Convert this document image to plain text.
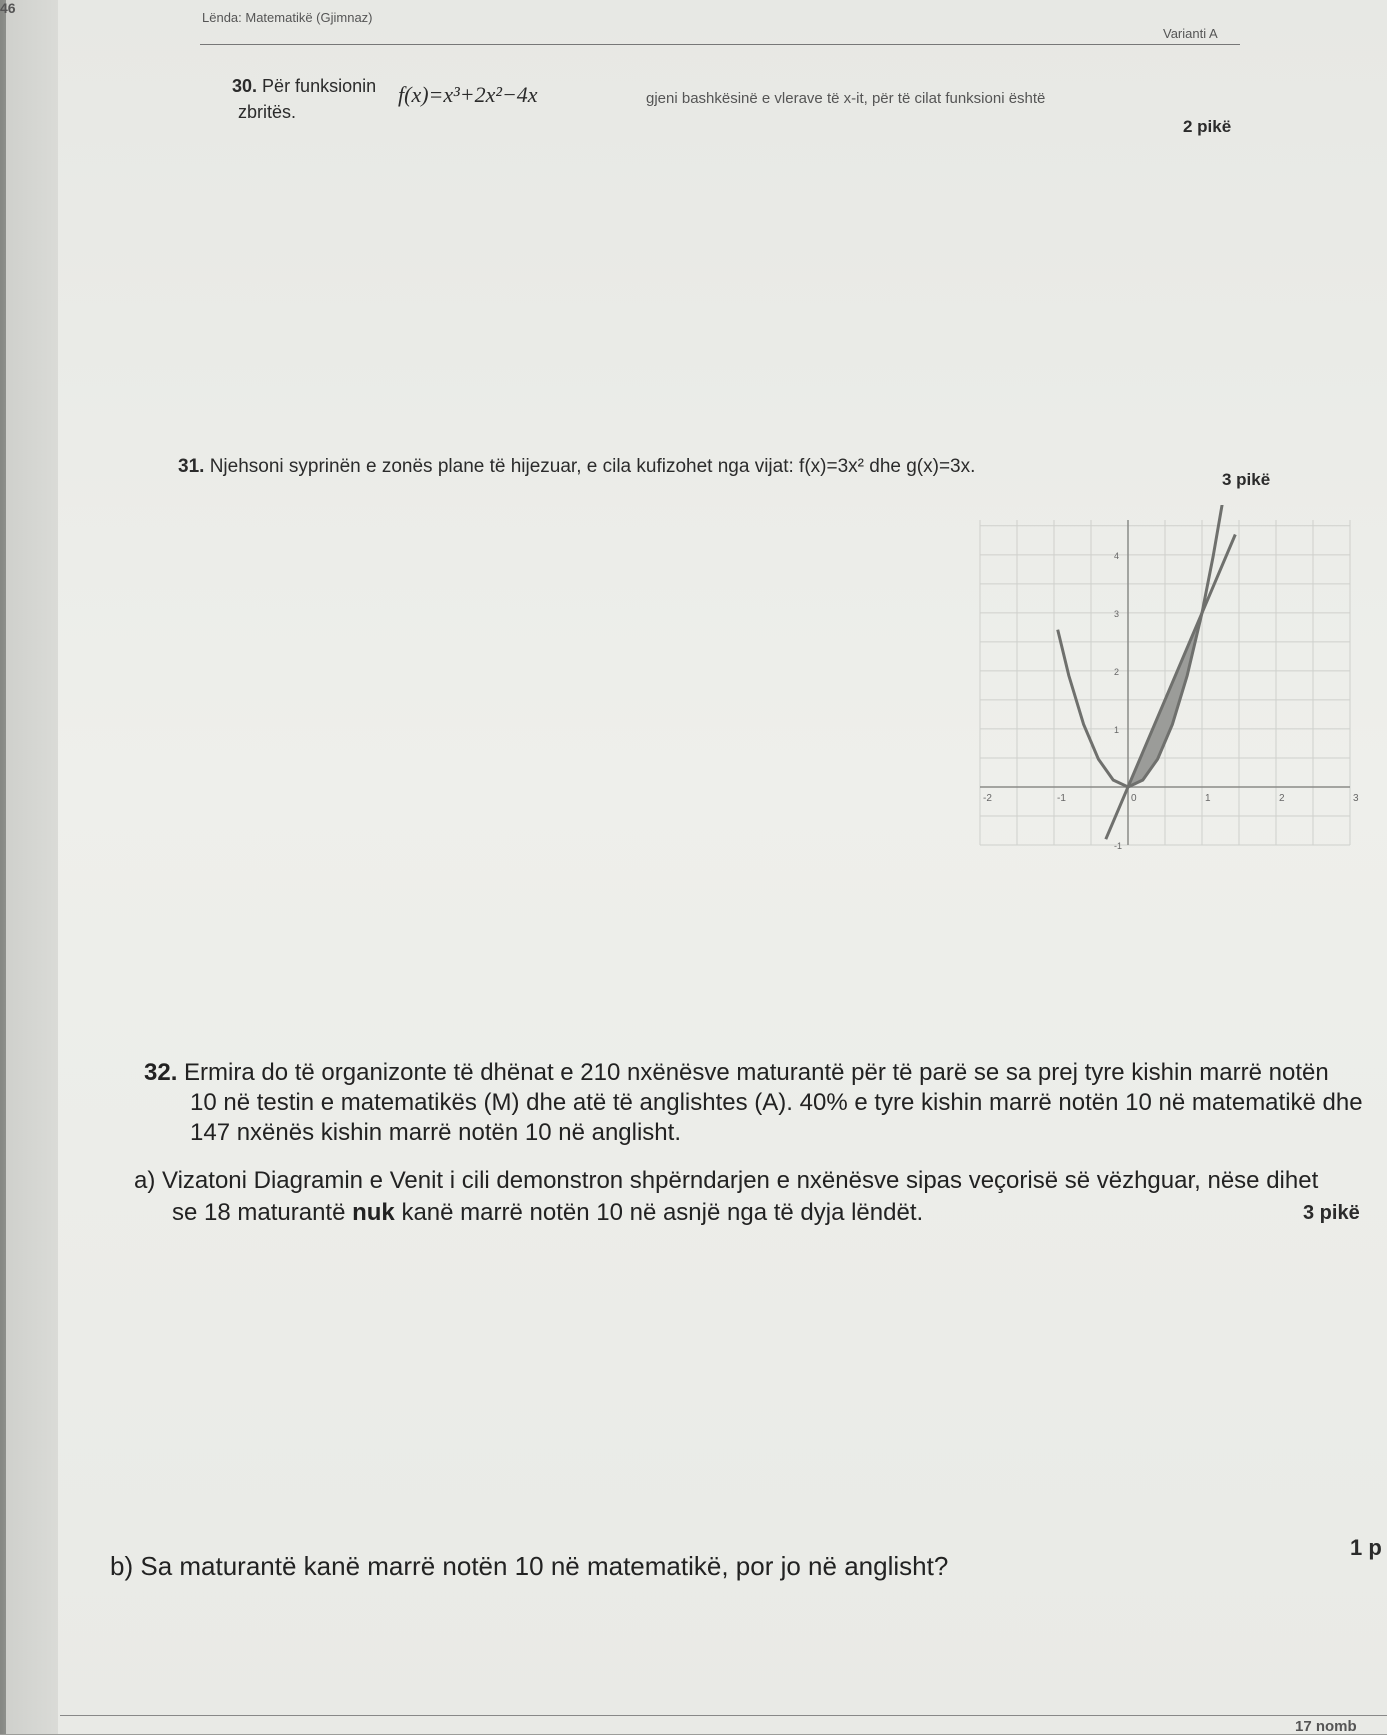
46
Lënda: Matematikë (Gjimnaz)
Varianti A
30. Për funksionin f(x)=x³+2x²−4x	gjeni bashkësinë e vlerave të x-it, për të cilat funksioni është
zbritës.
2 pikë
31. Njehsoni syprinën e zonës plane të hijezuar, e cila kufizohet nga vijat: f(x)=3x² dhe g(x)=3x.
3 pikë
-2	-1	0	1	2	3
-1
1
2
3
4
32. Ermira do të organizonte të dhënat e 210 nxënësve maturantë për të parë se sa prej tyre kishin marrë notën
10 në testin e matematikës (M) dhe atë të anglishtes (A). 40% e tyre kishin marrë notën 10 në matematikë dhe
147 nxënës kishin marrë notën 10 në anglisht.
a) Vizatoni Diagramin e Venit i cili demonstron shpërndarjen e nxënësve sipas veçorisë së vëzhguar, nëse dihet
se 18 maturantë nuk kanë marrë notën 10 në asnjë nga të dyja lëndët.	3 pikë
b) Sa maturantë kanë marrë notën 10 në matematikë, por jo në anglisht?
1 p
17 nomb
